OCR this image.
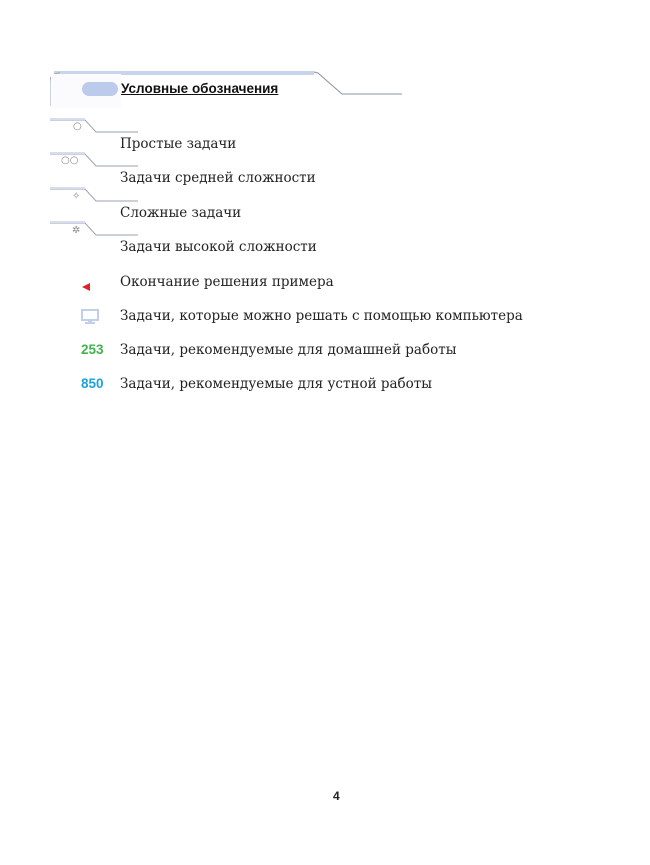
Условные обозначения
○
Простые задачи
○○
Задачи средней сложности
✧
Сложные задачи
✲
Задачи высокой сложности
Окончание решения примера
Задачи, которые можно решать с помощью компьютера
253 Задачи, рекомендуемые для домашней работы
850 Задачи, рекомендуемые для устной работы
4
